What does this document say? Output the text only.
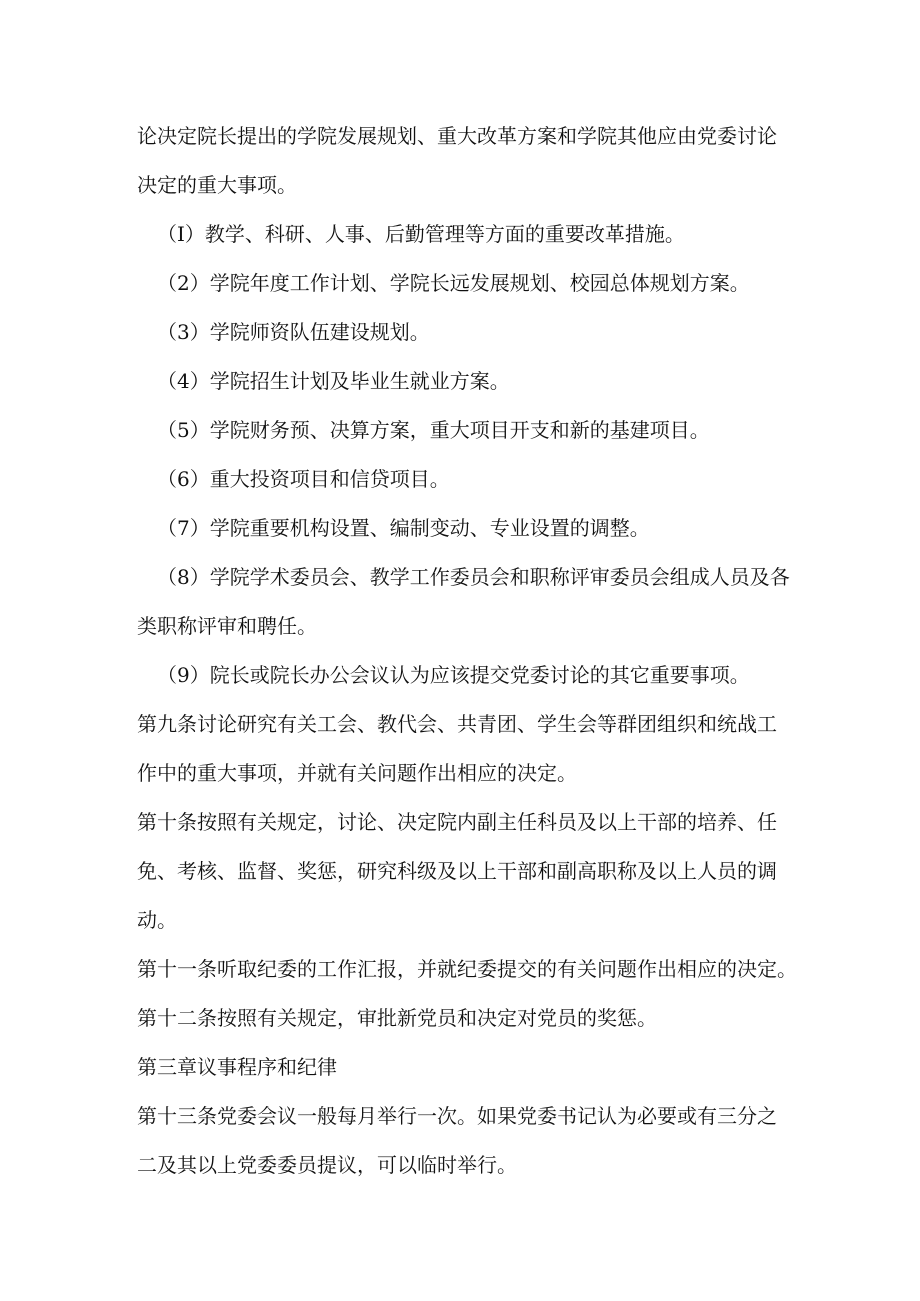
论决定院长提出的学院发展规划、重大改革方案和学院其他应由党委讨论
决定的重大事项。
（I）教学、科研、人事、后勤管理等方面的重要改革措施。
（2）学院年度工作计划、学院长远发展规划、校园总体规划方案。
（3）学院师资队伍建设规划。
（4）学院招生计划及毕业生就业方案。
（5）学院财务预、决算方案，重大项目开支和新的基建项目。
（6）重大投资项目和信贷项目。
（7）学院重要机构设置、编制变动、专业设置的调整。
（8）学院学术委员会、教学工作委员会和职称评审委员会组成人员及各
类职称评审和聘任。
（9）院长或院长办公会议认为应该提交党委讨论的其它重要事项。
第九条讨论研究有关工会、教代会、共青团、学生会等群团组织和统战工
作中的重大事项，并就有关问题作出相应的决定。
第十条按照有关规定，讨论、决定院内副主任科员及以上干部的培养、任
免、考核、监督、奖惩，研究科级及以上干部和副高职称及以上人员的调
动。
第十一条听取纪委的工作汇报，并就纪委提交的有关问题作出相应的决定。
第十二条按照有关规定，审批新党员和决定对党员的奖惩。
第三章议事程序和纪律
第十三条党委会议一般每月举行一次。如果党委书记认为必要或有三分之
二及其以上党委委员提议，可以临时举行。
